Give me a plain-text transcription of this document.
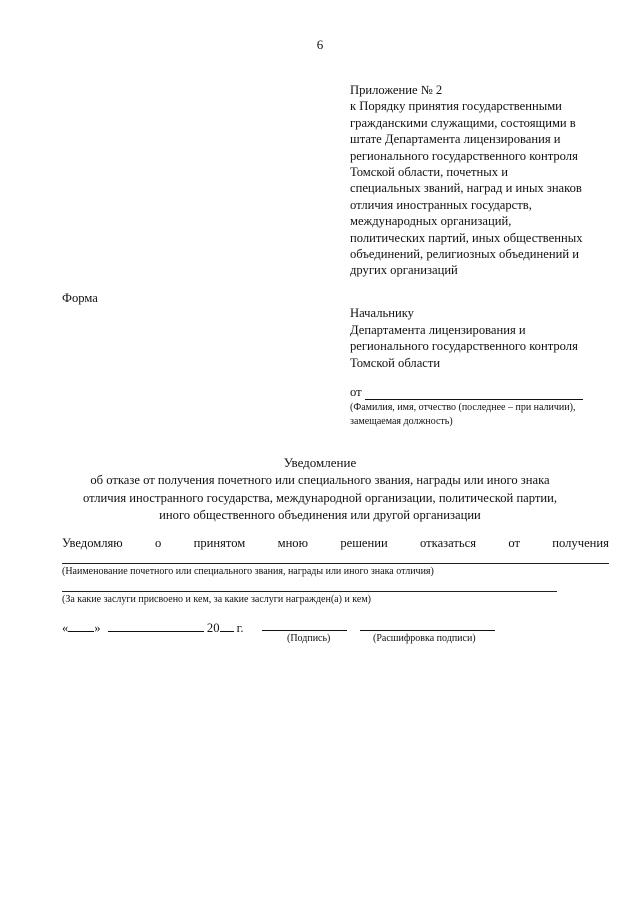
6
Приложение № 2
к Порядку принятия государственными
гражданскими служащими, состоящими в
штате Департамента лицензирования и
регионального государственного контроля
Томской области, почетных и
специальных званий, наград и иных знаков
отличия иностранных государств,
международных организаций,
политических партий, иных общественных
объединений, религиозных объединений и
других организаций
Форма
Начальнику
Департамента лицензирования и
регионального государственного контроля
Томской области
от
(Фамилия, имя, отчество (последнее – при наличии),
замещаемая должность)
Уведомление
об отказе от получения почетного или специального звания, награды или иного знака
отличия иностранного государства, международной организации, политической партии,
иного общественного объединения или другой организации
Уведомляю	о	принятом	мною	решении	отказаться	от	получения
(Наименование почетного или специального звания, награды или иного знака отличия)
(За какие заслуги присвоено и кем, за какие заслуги награжден(а) и кем)
« »	20 г.
(Подпись)	(Расшифровка подписи)
